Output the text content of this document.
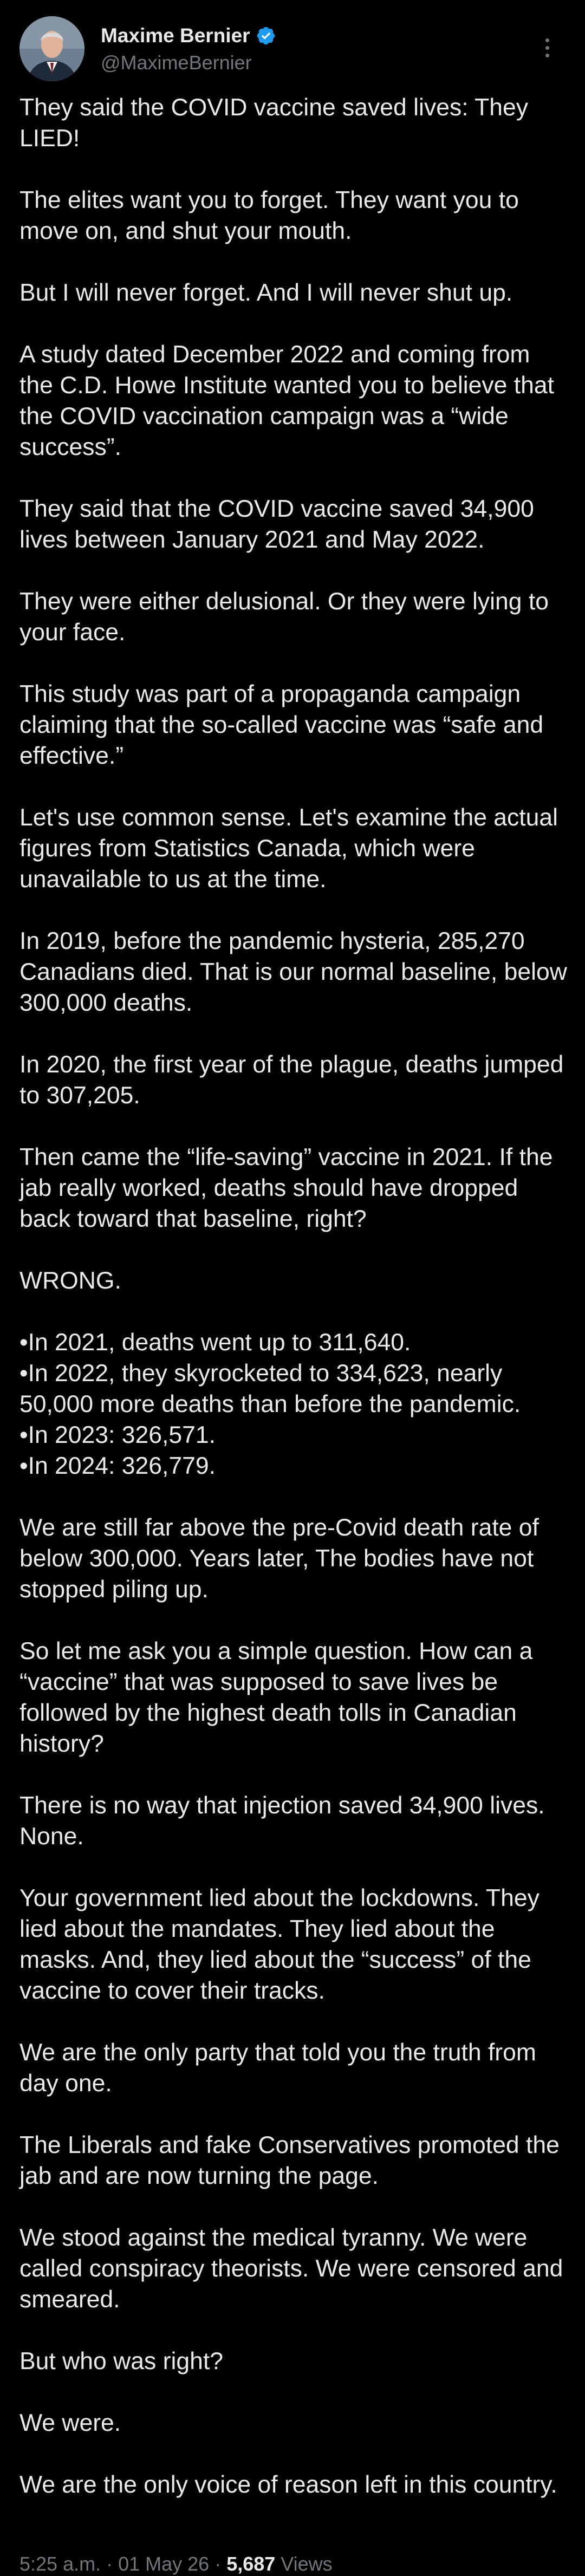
Maxime Bernier
@MaximeBernier

They said the COVID vaccine saved lives: They LIED!

The elites want you to forget. They want you to move on, and shut your mouth.

But I will never forget. And I will never shut up.

A study dated December 2022 and coming from the C.D. Howe Institute wanted you to believe that the COVID vaccination campaign was a “wide success”.

They said that the COVID vaccine saved 34,900 lives between January 2021 and May 2022.

They were either delusional. Or they were lying to your face.

This study was part of a propaganda campaign claiming that the so-called vaccine was “safe and effective.”

Let's use common sense. Let's examine the actual figures from Statistics Canada, which were unavailable to us at the time.

In 2019, before the pandemic hysteria, 285,270 Canadians died. That is our normal baseline, below 300,000 deaths.

In 2020, the first year of the plague, deaths jumped to 307,205.

Then came the “life-saving” vaccine in 2021. If the jab really worked, deaths should have dropped back toward that baseline, right?

WRONG.

•In 2021, deaths went up to 311,640.
•In 2022, they skyrocketed to 334,623, nearly 50,000 more deaths than before the pandemic.
•In 2023: 326,571.
•In 2024: 326,779.

We are still far above the pre-Covid death rate of below 300,000. Years later, The bodies have not stopped piling up.

So let me ask you a simple question. How can a “vaccine” that was supposed to save lives be followed by the highest death tolls in Canadian history?

There is no way that injection saved 34,900 lives. None.

Your government lied about the lockdowns. They lied about the mandates. They lied about the masks. And, they lied about the “success” of the vaccine to cover their tracks.

We are the only party that told you the truth from day one.

The Liberals and fake Conservatives promoted the jab and are now turning the page.

We stood against the medical tyranny. We were called conspiracy theorists. We were censored and smeared.

But who was right?

We were.

We are the only voice of reason left in this country.

5:25 a.m. · 01 May 26 · 5,687 Views
